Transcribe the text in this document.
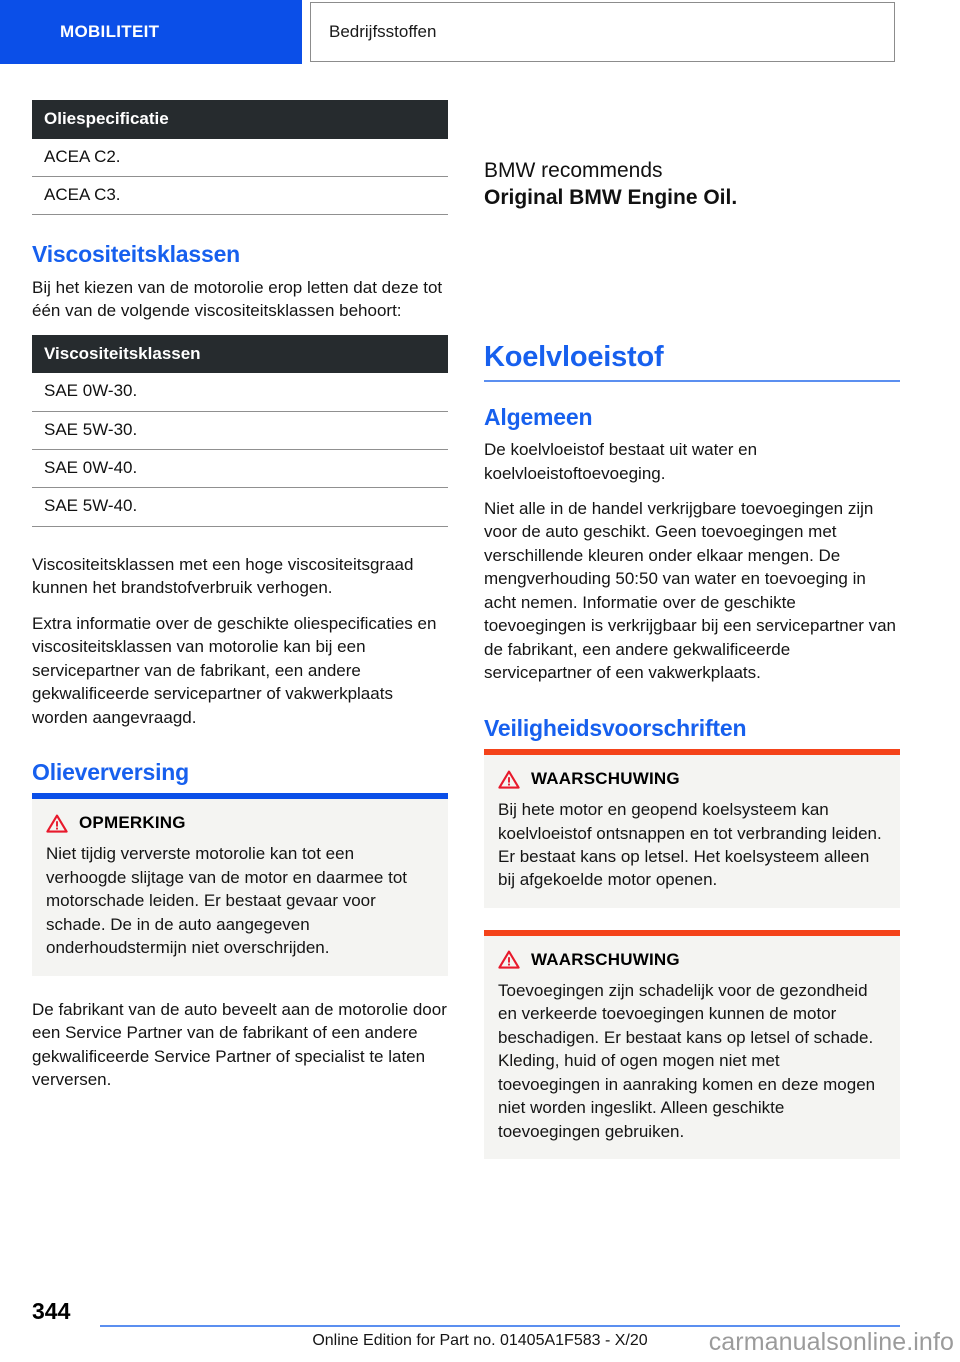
MOBILITEIT	Bedrijfsstoffen
Oliespecificatie
ACEA C2.
ACEA C3.
Viscositeitsklassen

Bij het kiezen van de motorolie erop letten dat deze tot één van de volgende viscositeitsklassen behoort:

Viscositeitsklassen
SAE 0W-30.
SAE 5W-30.
SAE 0W-40.
SAE 5W-40.

Viscositeitsklassen met een hoge viscositeitsgraad kunnen het brandstofverbruik verhogen.

Extra informatie over de geschikte oliespecificaties en viscositeitsklassen van motorolie kan bij een servicepartner van de fabrikant, een andere gekwalificeerde servicepartner of vakwerkplaats worden aangevraagd.

Olieverversing
OPMERKING

Niet tijdig ververste motorolie kan tot een verhoogde slijtage van de motor en daarmee tot motorschade leiden. Er bestaat gevaar voor schade. De in de auto aangegeven onderhoudstermijn niet overschrijden.

De fabrikant van de auto beveelt aan de motorolie door een Service Partner van de fabrikant of een andere gekwalificeerde Service Partner of specialist te laten verversen.

BMW recommends
Original BMW Engine Oil.
Koelvloeistof
Algemeen

De koelvloeistof bestaat uit water en koelvloeistoftoevoeging.

Niet alle in de handel verkrijgbare toevoegingen zijn voor de auto geschikt. Geen toevoegingen met verschillende kleuren onder elkaar mengen. De mengverhouding 50:50 van water en toevoeging in acht nemen. Informatie over de geschikte toevoegingen is verkrijgbaar bij een servicepartner van de fabrikant, een andere gekwalificeerde servicepartner of een vakwerkplaats.

Veiligheidsvoorschriften
WAARSCHUWING

Bij hete motor en geopend koelsysteem kan koelvloeistof ontsnappen en tot verbranding leiden. Er bestaat kans op letsel. Het koelsysteem alleen bij afgekoelde motor openen.

WAARSCHUWING

Toevoegingen zijn schadelijk voor de gezondheid en verkeerde toevoegingen kunnen de motor beschadigen. Er bestaat kans op letsel of schade. Kleding, huid of ogen mogen niet met toevoegingen in aanraking komen en deze mogen niet worden ingeslikt. Alleen geschikte toevoegingen gebruiken.

344
Online Edition for Part no. 01405A1F583 - X/20	carmanualsonline.info
